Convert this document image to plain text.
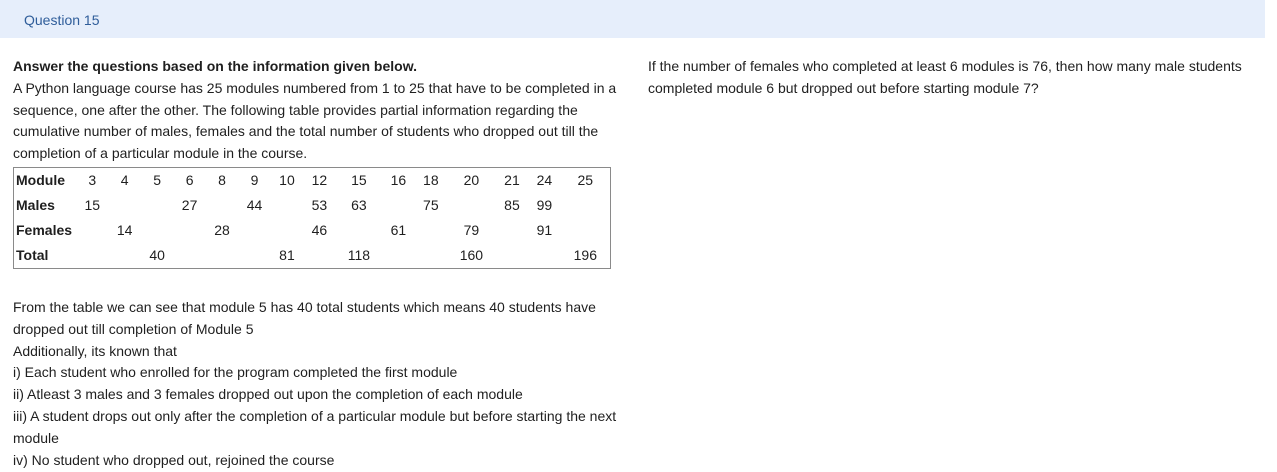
Question 15

Answer the questions based on the information given below.

A Python language course has 25 modules numbered from 1 to 25 that have to be completed in a sequence, one after the other. The following table provides partial information regarding the cumulative number of males, females and the total number of students who dropped out till the completion of a particular module in the course.

Module	3	4	5	6	8	9	10	12	15	16	18	20	21	24	25
Males	15			27		44		53	63		75		85	99	
Females		14			28			46		61		79		91	
Total			40				81		118			160			196

From the table we can see that module 5 has 40 total students which means 40 students have dropped out till completion of Module 5

Additionally, its known that

i) Each student who enrolled for the program completed the first module

ii) Atleast 3 males and 3 females dropped out upon the completion of each module

iii) A student drops out only after the completion of a particular module but before starting the next module

iv) No student who dropped out, rejoined the course

If the number of females who completed at least 6 modules is 76, then how many male students completed module 6 but dropped out before starting module 7?
